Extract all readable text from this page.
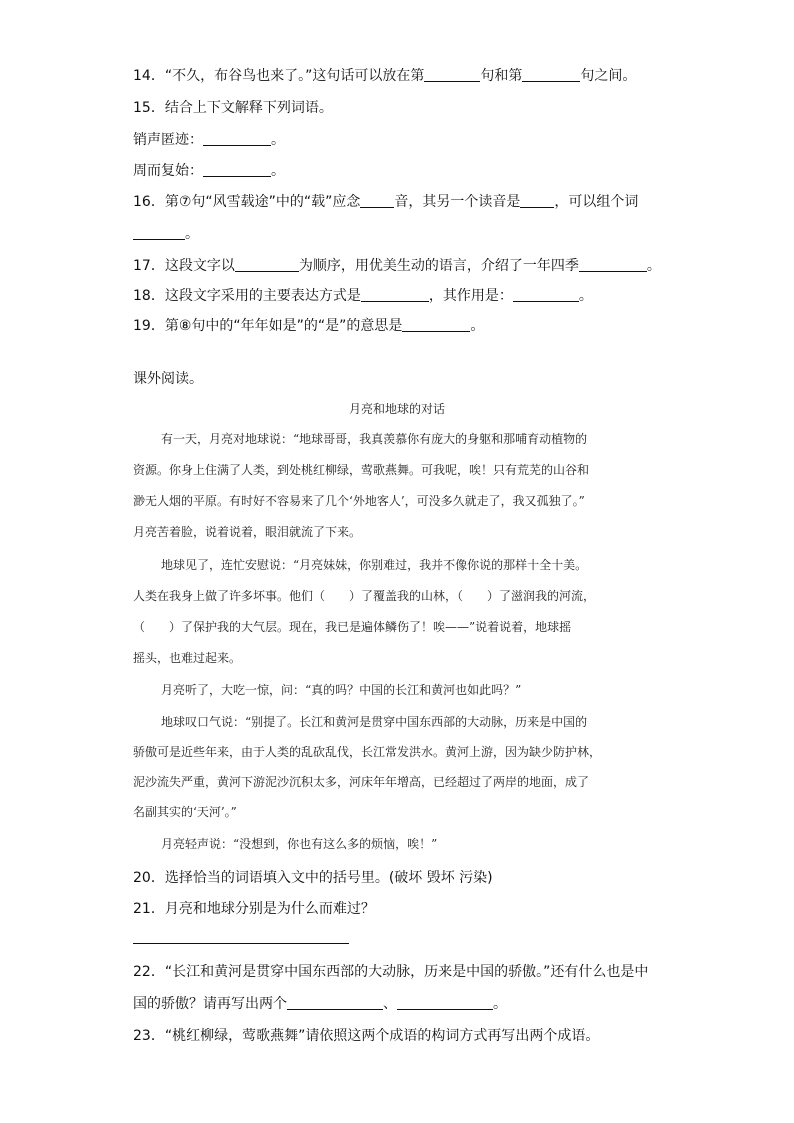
14．“不久，布谷鸟也来了。”这句话可以放在第	句和第	句之间。
15．结合上下文解释下列词语。
销声匿迹：	。
周而复始：	。
16．第⑦句“风雪载途”中的“载”应念 音，其另一个读音是 ，可以组个词
。
17．这段文字以	为顺序，用优美生动的语言，介绍了一年四季	。
18．这段文字采用的主要表达方式是	，其作用是：	。
19．第⑧句中的“年年如是”的“是”的意思是	。
课外阅读。
月亮和地球的对话
有一天，月亮对地球说：“地球哥哥，我真羡慕你有庞大的身躯和那哺育动植物的
资源。你身上住满了人类，到处桃红柳绿，莺歌燕舞。可我呢，唉！只有荒芜的山谷和
渺无人烟的平原。有时好不容易来了几个‘外地客人’，可没多久就走了，我又孤独了。”
月亮苦着脸，说着说着，眼泪就流了下来。
地球见了，连忙安慰说：“月亮妹妹，你别难过，我并不像你说的那样十全十美。
人类在我身上做了许多坏事。他们（　　）了覆盖我的山林，（　　）了滋润我的河流，
（　　）了保护我的大气层。现在，我已是遍体鳞伤了！唉——”说着说着，地球摇
摇头，也难过起来。
月亮听了，大吃一惊，问：“真的吗？中国的长江和黄河也如此吗？”
地球叹口气说：“别提了。长江和黄河是贯穿中国东西部的大动脉，历来是中国的
骄傲可是近些年来，由于人类的乱砍乱伐，长江常发洪水。黄河上游，因为缺少防护林，
泥沙流失严重，黄河下游泥沙沉积太多，河床年年增高，已经超过了两岸的地面，成了
名副其实的‘天河’。”
月亮轻声说：“没想到，你也有这么多的烦恼，唉！”
20．选择恰当的词语填入文中的括号里。(破坏 毁坏 污染)
21．月亮和地球分别是为什么而难过？
22．“长江和黄河是贯穿中国东西部的大动脉，历来是中国的骄傲。”还有什么也是中
国的骄傲？请再写出两个	、	。
23．“桃红柳绿，莺歌燕舞”请依照这两个成语的构词方式再写出两个成语。
